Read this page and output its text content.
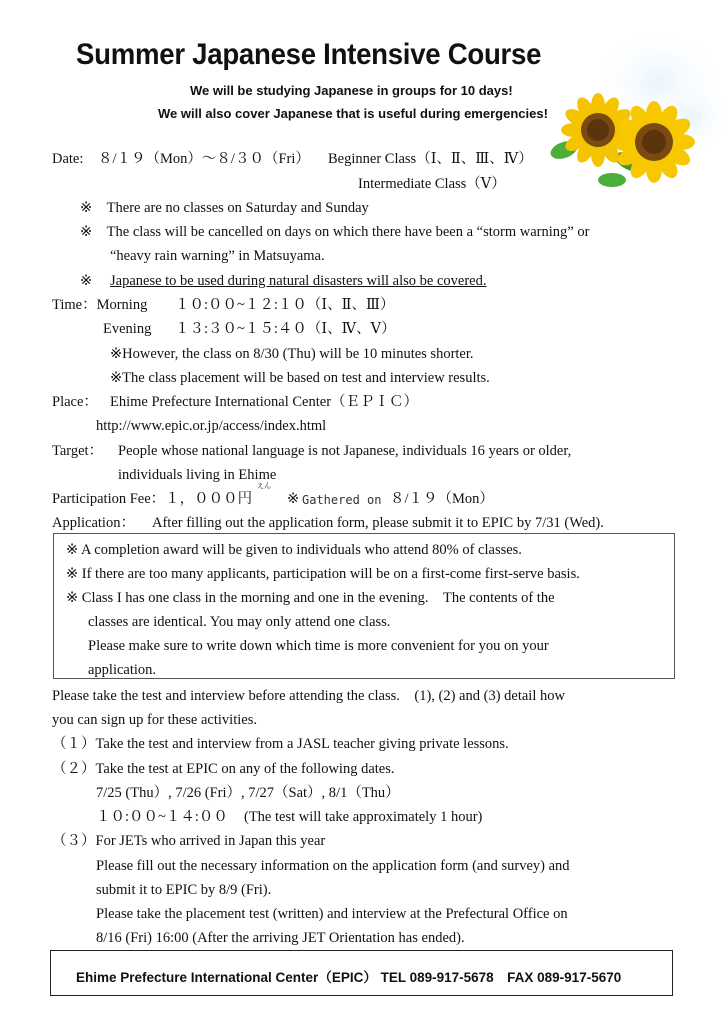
Summer Japanese Intensive Course
We will be studying Japanese in groups for 10 days!
We will also cover Japanese that is useful during emergencies!
Date: ８/１９（Mon）～８/３０（Fri） Beginner Class（Ⅰ、Ⅱ、Ⅲ、Ⅳ）
Intermediate Class（Ⅴ）
※　There are no classes on Saturday and Sunday
※　The class will be cancelled on days on which there have been a “storm warning” or
“heavy rain warning” in Matsuyama.
※ Japanese to be used during natural disasters will also be covered.
Time：Morning １０:００~１２:１０（Ⅰ、Ⅱ、Ⅲ）
Evening １３:３０~１５:４０（Ⅰ、Ⅳ、Ⅴ）
※However, the class on 8/30 (Thu) will be 10 minutes shorter.
※The class placement will be based on test and interview results.
Place： Ehime Prefecture International Center（ＥＰＩＣ）
http://www.epic.or.jp/access/index.html
Target： People whose national language is not Japanese, individuals 16 years or older,
individuals living in Ehime
Participation Fee：１，０００円
えん
※ Gathered on ８/１９（Mon）
Application： After filling out the application form, please submit it to EPIC by 7/31 (Wed).
※ A completion award will be given to individuals who attend 80% of classes.
※ If there are too many applicants, participation will be on a first-come first-serve basis.
※ Class I has one class in the morning and one in the evening.　The contents of the
classes are identical. You may only attend one class.
Please make sure to write down which time is more convenient for you on your
application.
Please take the test and interview before attending the class.　(1), (2) and (3) detail how
you can sign up for these activities.
（１）Take the test and interview from a JASL teacher giving private lessons.
（２）Take the test at EPIC on any of the following dates.
7/25 (Thu）, 7/26 (Fri）, 7/27（Sat）, 8/1（Thu）
１０:００~１４:００ (The test will take approximately 1 hour)
（３）For JETs who arrived in Japan this year
Please fill out the necessary information on the application form (and survey) and
submit it to EPIC by 8/9 (Fri).
Please take the placement test (written) and interview at the Prefectural Office on
8/16 (Fri) 16:00 (After the arriving JET Orientation has ended).
Ehime Prefecture International Center（EPIC） TEL 089-917-5678　FAX 089-917-5670
